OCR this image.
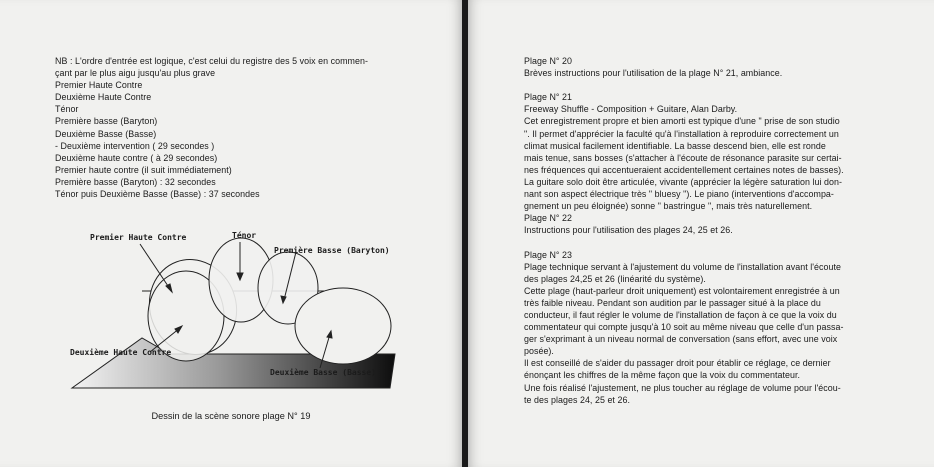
NB : L'ordre d'entrée est logique, c'est celui du registre des 5 voix en commen-
çant par le plus aigu jusqu'au plus grave
Premier Haute Contre
Deuxième Haute Contre
Ténor
Première basse (Baryton)
Deuxième Basse (Basse)
- Deuxième intervention ( 29 secondes )
Deuxième haute contre ( à 29 secondes)
Premier haute contre (il suit immédiatement)
Première basse (Baryton) : 32 secondes
Ténor puis Deuxième Basse (Basse) : 37 secondes
Premier Haute Contre	Ténor
Première Basse (Baryton)
Deuxième Haute Contre
Deuxième Basse (Basse)
Dessin de la scène sonore plage N° 19
Plage N° 20
Brèves instructions pour l'utilisation de la plage N° 21, ambiance.
Plage N° 21
Freeway Shuffle - Composition + Guitare, Alan Darby.
Cet enregistrement propre et bien amorti est typique d'une " prise de son studio
". Il permet d'apprécier la faculté qu'à l'installation à reproduire correctement un
climat musical facilement identifiable. La basse descend bien, elle est ronde
mais tenue, sans bosses (s'attacher à l'écoute de résonance parasite sur certai-
nes fréquences qui accentueraient accidentellement certaines notes de basses).
La guitare solo doit être articulée, vivante (apprécier la légère saturation lui don-
nant son aspect électrique très " bluesy "). Le piano (interventions d'accompa-
gnement un peu éloignée) sonne " bastringue ", mais très naturellement.
Plage N° 22
Instructions pour l'utilisation des plages 24, 25 et 26.
Plage N° 23
Plage technique servant à l'ajustement du volume de l'installation avant l'écoute
des plages 24,25 et 26 (linéarité du système).
Cette plage (haut-parleur droit uniquement) est volontairement enregistrée à un
très faible niveau. Pendant son audition par le passager situé à la place du
conducteur, il faut régler le volume de l'installation de façon à ce que la voix du
commentateur qui compte jusqu'à 10 soit au même niveau que celle d'un passa-
ger s'exprimant à un niveau normal de conversation (sans effort, avec une voix
posée).
Il est conseillé de s'aider du passager droit pour établir ce réglage, ce dernier
énonçant les chiffres de la même façon que la voix du commentateur.
Une fois réalisé l'ajustement, ne plus toucher au réglage de volume pour l'écou-
te des plages 24, 25 et 26.
